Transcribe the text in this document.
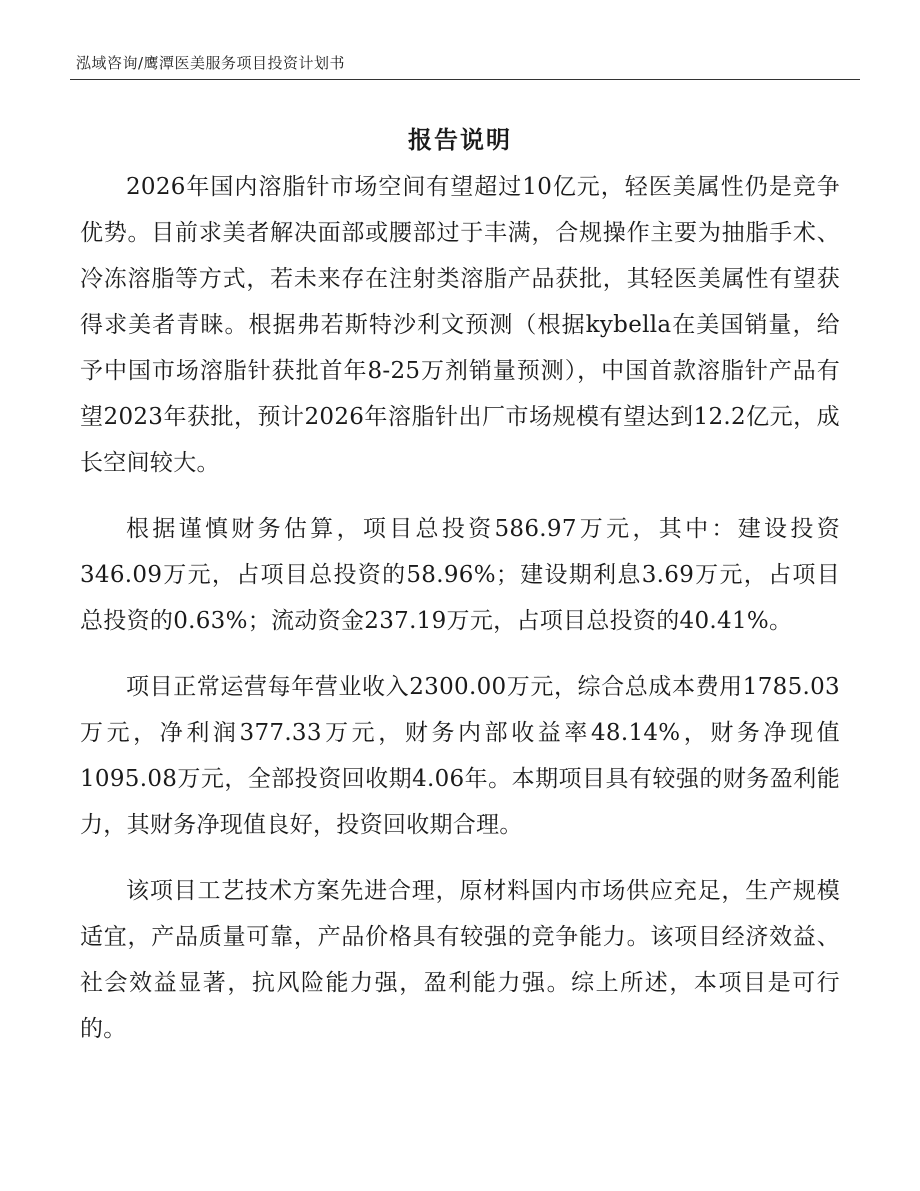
泓域咨询/鹰潭医美服务项目投资计划书
报告说明

2026年国内溶脂针市场空间有望超过10亿元，轻医美属性仍是竞争优势。目前求美者解决面部或腰部过于丰满，合规操作主要为抽脂手术、冷冻溶脂等方式，若未来存在注射类溶脂产品获批，其轻医美属性有望获得求美者青睐。根据弗若斯特沙利文预测（根据kybella在美国销量，给予中国市场溶脂针获批首年8-25万剂销量预测），中国首款溶脂针产品有望2023年获批，预计2026年溶脂针出厂市场规模有望达到12.2亿元，成长空间较大。

根据谨慎财务估算，项目总投资586.97万元，其中：建设投资346.09万元，占项目总投资的58.96%；建设期利息3.69万元，占项目总投资的0.63%；流动资金237.19万元，占项目总投资的40.41%。

项目正常运营每年营业收入2300.00万元，综合总成本费用1785.03万元，净利润377.33万元，财务内部收益率48.14%，财务净现值1095.08万元，全部投资回收期4.06年。本期项目具有较强的财务盈利能力，其财务净现值良好，投资回收期合理。

该项目工艺技术方案先进合理，原材料国内市场供应充足，生产规模适宜，产品质量可靠，产品价格具有较强的竞争能力。该项目经济效益、社会效益显著，抗风险能力强，盈利能力强。综上所述，本项目是可行的。
